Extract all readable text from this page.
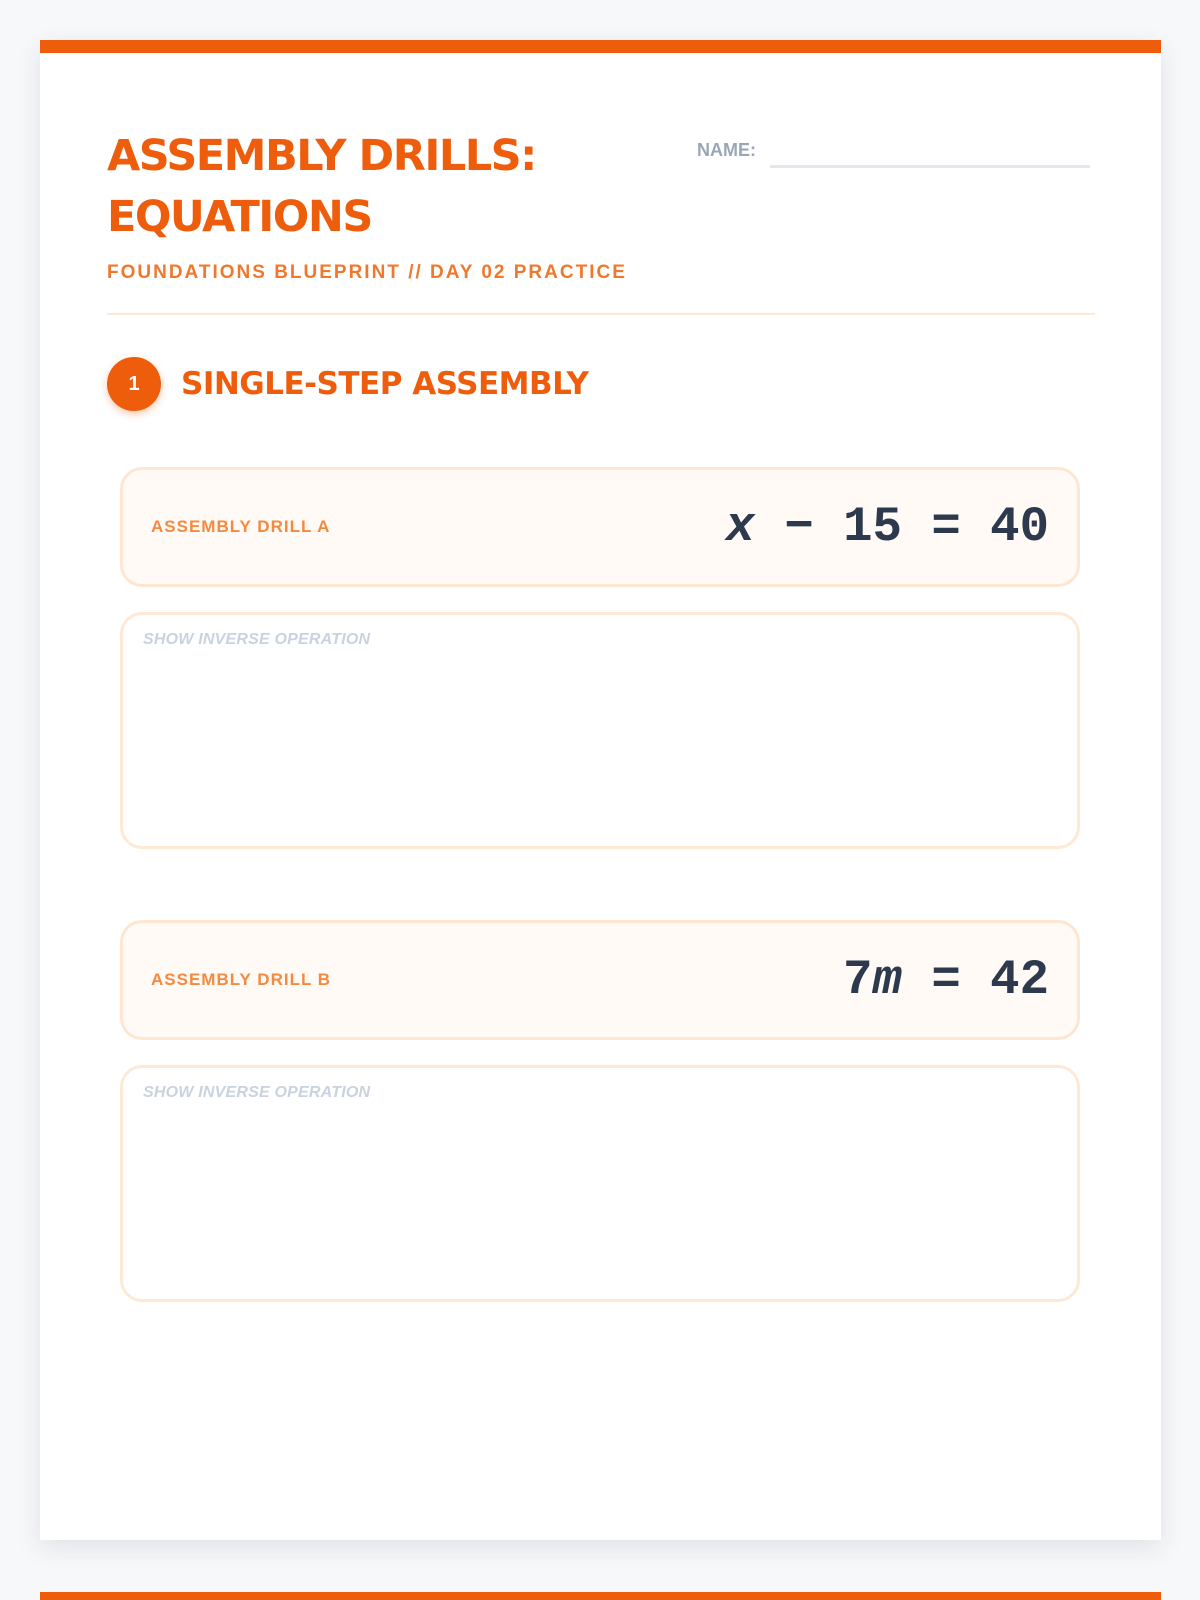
ASSEMBLY DRILLS: EQUATIONS
FOUNDATIONS BLUEPRINT // DAY 02 PRACTICE
NAME:
1	SINGLE-STEP ASSEMBLY
ASSEMBLY DRILL A	x − 15 = 40
SHOW INVERSE OPERATION
ASSEMBLY DRILL B	7m = 42
SHOW INVERSE OPERATION
